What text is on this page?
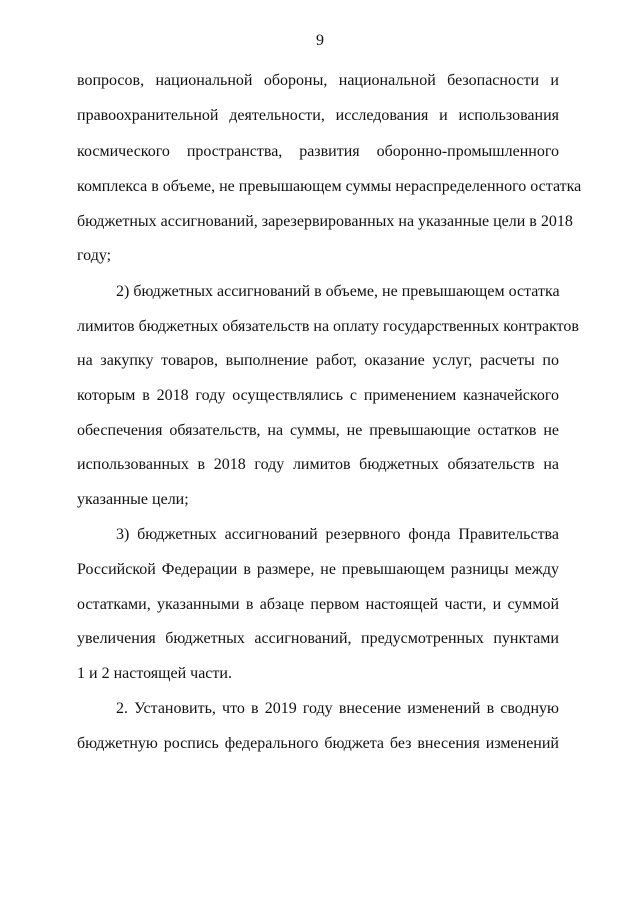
9
вопросов, национальной обороны, национальной безопасности и
правоохранительной деятельности, исследования и использования
космического пространства, развития оборонно-промышленного
комплекса в объеме, не превышающем суммы нераспределенного остатка
бюджетных ассигнований, зарезервированных на указанные цели в 2018
году;
2) бюджетных ассигнований в объеме, не превышающем остатка
лимитов бюджетных обязательств на оплату государственных контрактов
на закупку товаров, выполнение работ, оказание услуг, расчеты по
которым в 2018 году осуществлялись с применением казначейского
обеспечения обязательств, на суммы, не превышающие остатков не
использованных в 2018 году лимитов бюджетных обязательств на
указанные цели;
3) бюджетных ассигнований резервного фонда Правительства
Российской Федерации в размере, не превышающем разницы между
остатками, указанными в абзаце первом настоящей части, и суммой
увеличения бюджетных ассигнований, предусмотренных пунктами
1 и 2 настоящей части.
2. Установить, что в 2019 году внесение изменений в сводную
бюджетную роспись федерального бюджета без внесения изменений
